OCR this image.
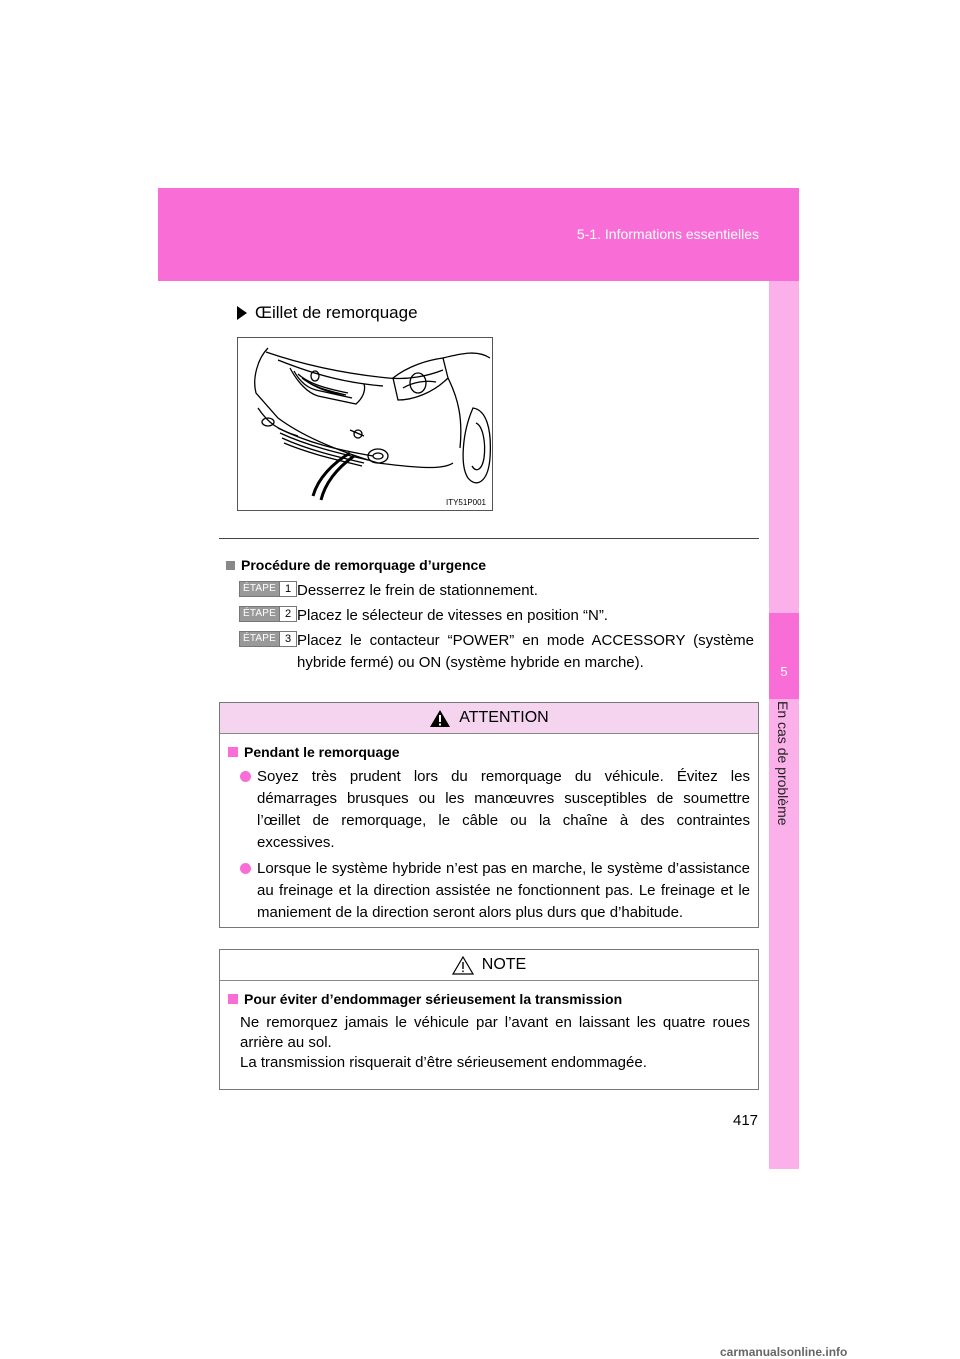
5-1. Informations essentielles
5
En cas de problème
Œillet de remorquage
ITY51P001
Procédure de remorquage d’urgence
ÉTAPE 1 Desserrez le frein de stationnement.
ÉTAPE 2 Placez le sélecteur de vitesses en position “N”.
ÉTAPE 3 Placez le contacteur “POWER” en mode ACCESSORY (système hybride fermé) ou ON (système hybride en marche).
ATTENTION
Pendant le remorquage
Soyez très prudent lors du remorquage du véhicule. Évitez les démarrages brusques ou les manœuvres susceptibles de soumettre l’œillet de remorquage, le câble ou la chaîne à des contraintes excessives.
Lorsque le système hybride n’est pas en marche, le système d’assistance au freinage et la direction assistée ne fonctionnent pas. Le freinage et le maniement de la direction seront alors plus durs que d’habitude.
NOTE
Pour éviter d’endommager sérieusement la transmission
Ne remorquez jamais le véhicule par l’avant en laissant les quatre roues arrière au sol.
La transmission risquerait d’être sérieusement endommagée.
417
carmanualsonline.info
